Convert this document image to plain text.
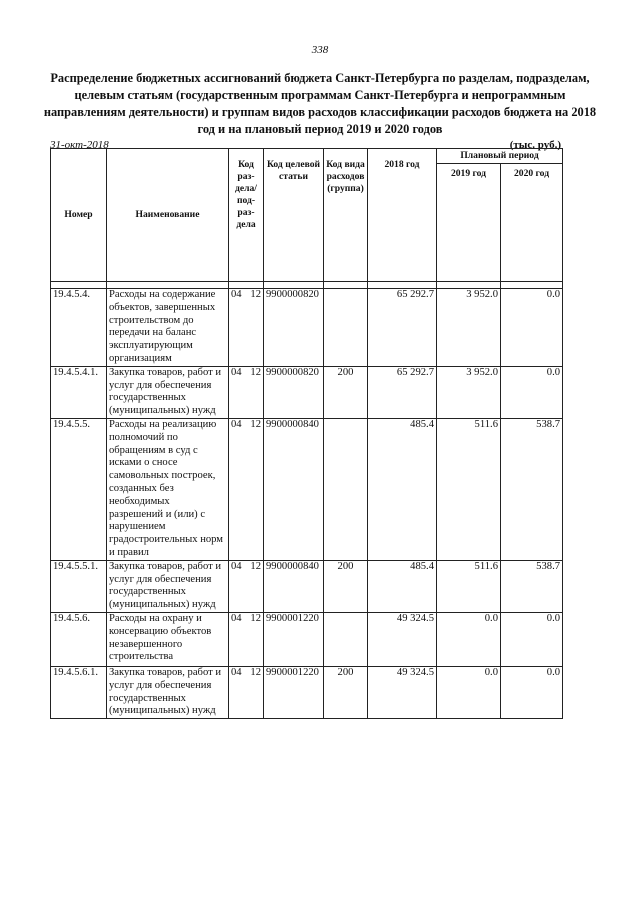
338
Распределение бюджетных ассигнований бюджета Санкт-Петербурга по разделам, подразделам, целевым статьям (государственным программам Санкт-Петербурга и непрограммным направлениям деятельности) и группам видов расходов классификации расходов бюджета на 2018 год и на плановый период 2019 и 2020 годов
31-окт-2018	(тыс. руб.)
Номер	Наименование	Код раз-дела/ под-раз-дела	Код целевой статьи	Код вида расходов (группа)	2018 год	Плановый период	
						2019 год	2020 год

19.4.5.4.	Расходы на содержание объектов, завершенных строительством до передачи на баланс эксплуатирующим организациям	04 12	9900000820		65 292.7	3 952.0	0.0
19.4.5.4.1.	Закупка товаров, работ и услуг для обеспечения государственных (муниципальных) нужд	04 12	9900000820	200	65 292.7	3 952.0	0.0
19.4.5.5.	Расходы на реализацию полномочий по обращениям в суд с исками о сносе самовольных построек, созданных без необходимых разрешений и (или) с нарушением градостроительных норм и правил	04 12	9900000840		485.4	511.6	538.7
19.4.5.5.1.	Закупка товаров, работ и услуг для обеспечения государственных (муниципальных) нужд	04 12	9900000840	200	485.4	511.6	538.7
19.4.5.6.	Расходы на охрану и консервацию объектов незавершенного строительства	04 12	9900001220		49 324.5	0.0	0.0
19.4.5.6.1.	Закупка товаров, работ и услуг для обеспечения государственных (муниципальных) нужд	04 12	9900001220	200	49 324.5	0.0	0.0
